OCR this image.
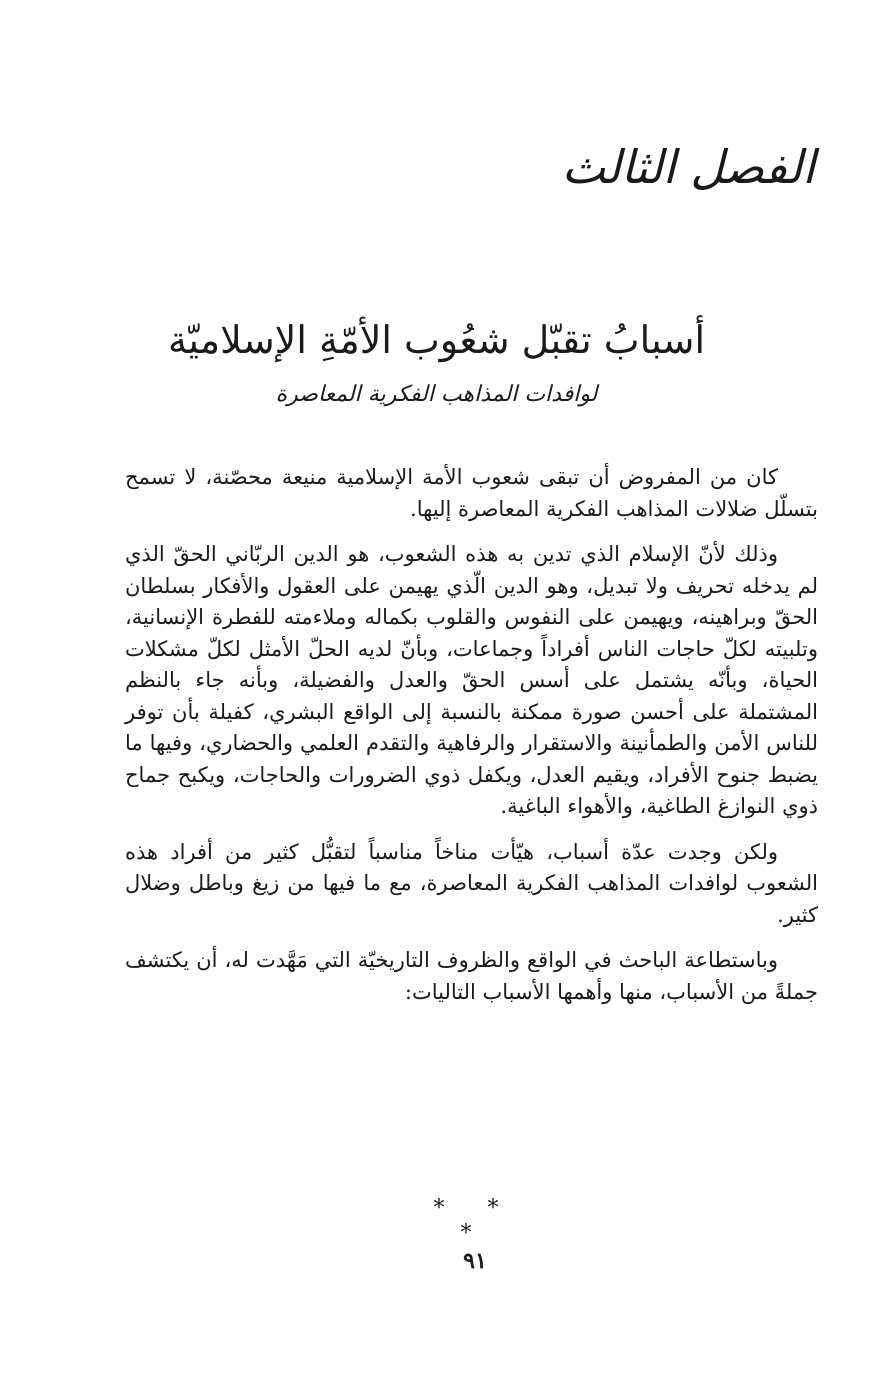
الفصل الثالث
أسبابُ تقبّل شعُوب الأمّةِ الإسلاميّة
لوافدات المذاهب الفكرية المعاصرة

كان من المفروض أن تبقى شعوب الأمة الإسلامية منيعة محصّنة، لا تسمح بتسلّل ضلالات المذاهب الفكرية المعاصرة إليها.

وذلك لأنّ الإسلام الذي تدين به هذه الشعوب، هو الدين الربّاني الحقّ الذي لم يدخله تحريف ولا تبديل، وهو الدين الّذي يهيمن على العقول والأفكار بسلطان الحقّ وبراهينه، ويهيمن على النفوس والقلوب بكماله وملاءمته للفطرة الإنسانية، وتلبيته لكلّ حاجات الناس أفراداً وجماعات، وبأنّ لديه الحلّ الأمثل لكلّ مشكلات الحياة، وبأنّه يشتمل على أسس الحقّ والعدل والفضيلة، وبأنه جاء بالنظم المشتملة على أحسن صورة ممكنة بالنسبة إلى الواقع البشري، كفيلة بأن توفر للناس الأمن والطمأنينة والاستقرار والرفاهية والتقدم العلمي والحضاري، وفيها ما يضبط جنوح الأفراد، ويقيم العدل، ويكفل ذوي الضرورات والحاجات، ويكبح جماح ذوي النوازغ الطاغية، والأهواء الباغية.

ولكن وجدت عدّة أسباب، هيّأت مناخاً مناسباً لتقبُّل كثير من أفراد هذه الشعوب لوافدات المذاهب الفكرية المعاصرة، مع ما فيها من زيغ وباطل وضلال كثير.

وباستطاعة الباحث في الواقع والظروف التاريخيّة التي مَهَّدت له، أن يكتشف جملةً من الأسباب، منها وأهمها الأسباب التاليات:

* * *
٩١
